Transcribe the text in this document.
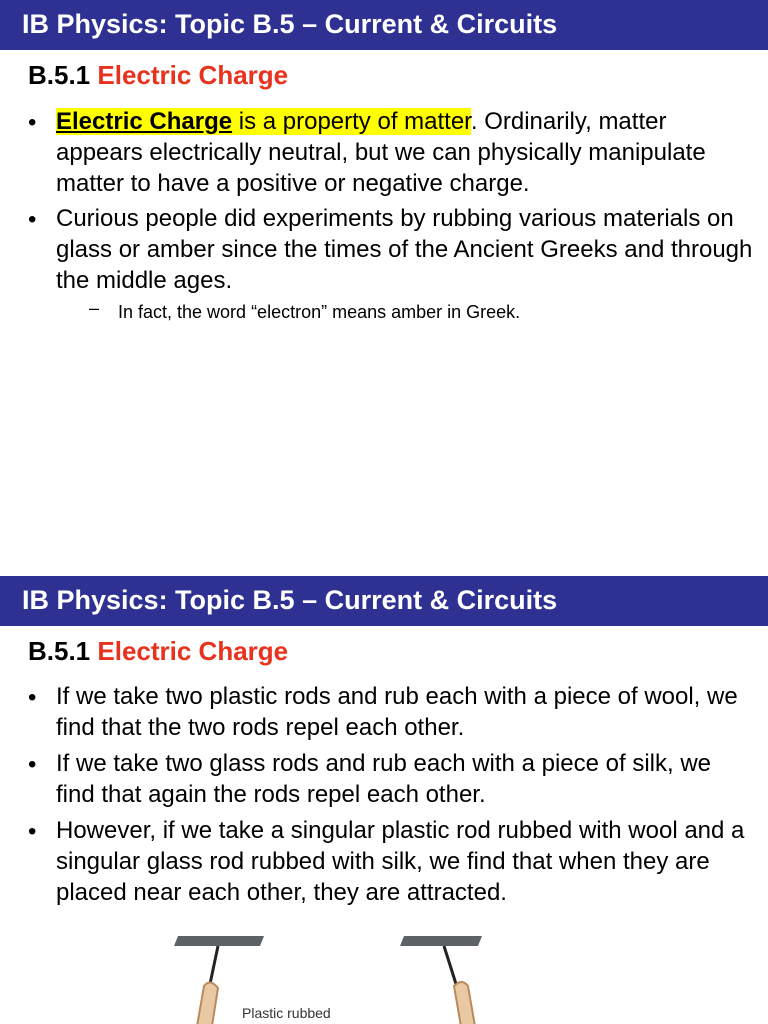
IB Physics: Topic B.5 – Current & Circuits
B.5.1 Electric Charge
• Electric Charge is a property of matter. Ordinarily, matter appears electrically neutral, but we can physically manipulate matter to have a positive or negative charge.
• Curious people did experiments by rubbing various materials on glass or amber since the times of the Ancient Greeks and through the middle ages.
– In fact, the word “electron” means amber in Greek.
IB Physics: Topic B.5 – Current & Circuits
B.5.1 Electric Charge
• If we take two plastic rods and rub each with a piece of wool, we find that the two rods repel each other.
• If we take two glass rods and rub each with a piece of silk, we find that again the rods repel each other.
• However, if we take a singular plastic rod rubbed with wool and a singular glass rod rubbed with silk, we find that when they are placed near each other, they are attracted.
Plastic rubbed
